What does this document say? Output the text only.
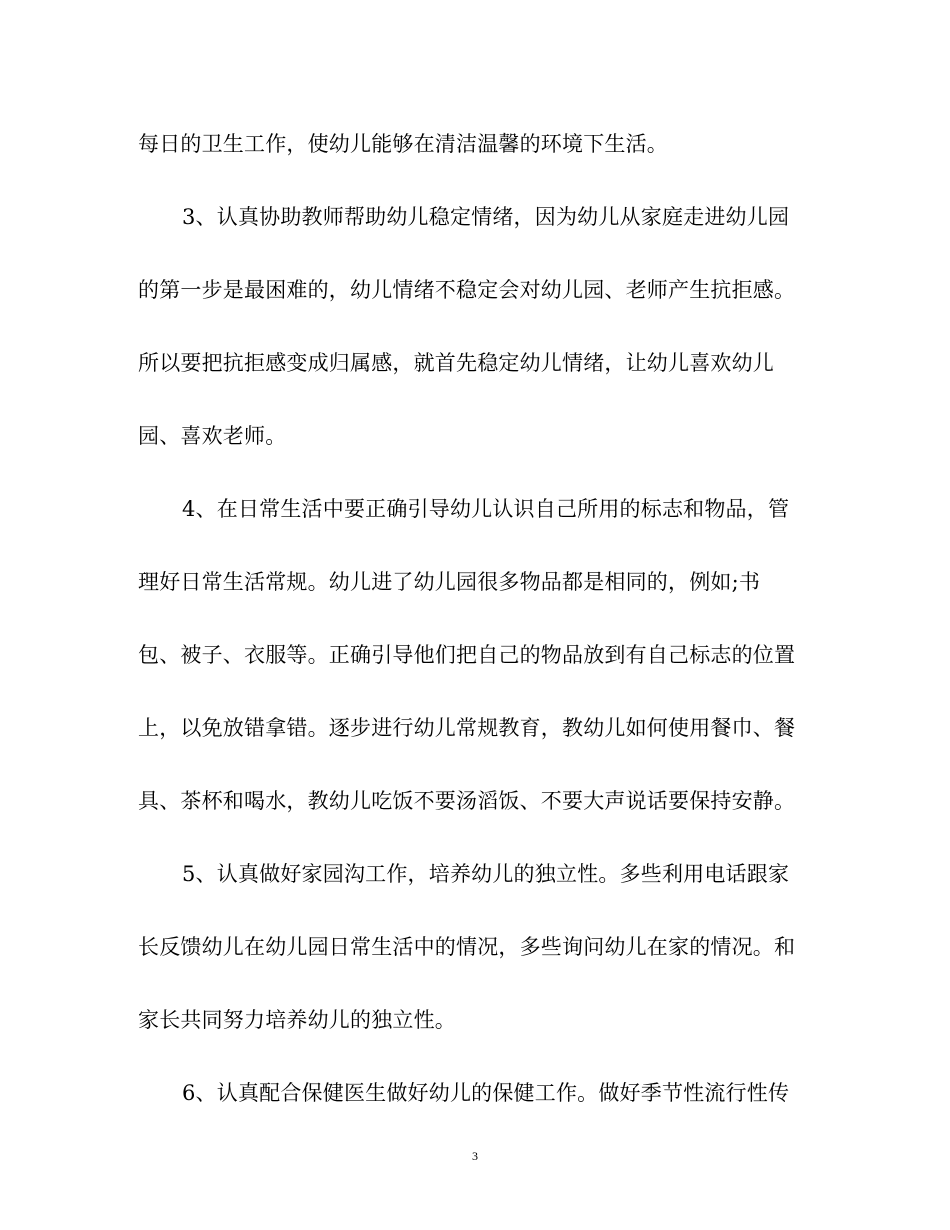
每日的卫生工作，使幼儿能够在清洁温馨的环境下生活。
3、认真协助教师帮助幼儿稳定情绪，因为幼儿从家庭走进幼儿园
的第一步是最困难的，幼儿情绪不稳定会对幼儿园、老师产生抗拒感。
所以要把抗拒感变成归属感，就首先稳定幼儿情绪，让幼儿喜欢幼儿
园、喜欢老师。
4、在日常生活中要正确引导幼儿认识自己所用的标志和物品，管
理好日常生活常规。幼儿进了幼儿园很多物品都是相同的，例如;书
包、被子、衣服等。正确引导他们把自己的物品放到有自己标志的位置
上，以免放错拿错。逐步进行幼儿常规教育，教幼儿如何使用餐巾、餐
具、茶杯和喝水，教幼儿吃饭不要汤滔饭、不要大声说话要保持安静。
5、认真做好家园沟工作，培养幼儿的独立性。多些利用电话跟家
长反馈幼儿在幼儿园日常生活中的情况，多些询问幼儿在家的情况。和
家长共同努力培养幼儿的独立性。
6、认真配合保健医生做好幼儿的保健工作。做好季节性流行性传
3
